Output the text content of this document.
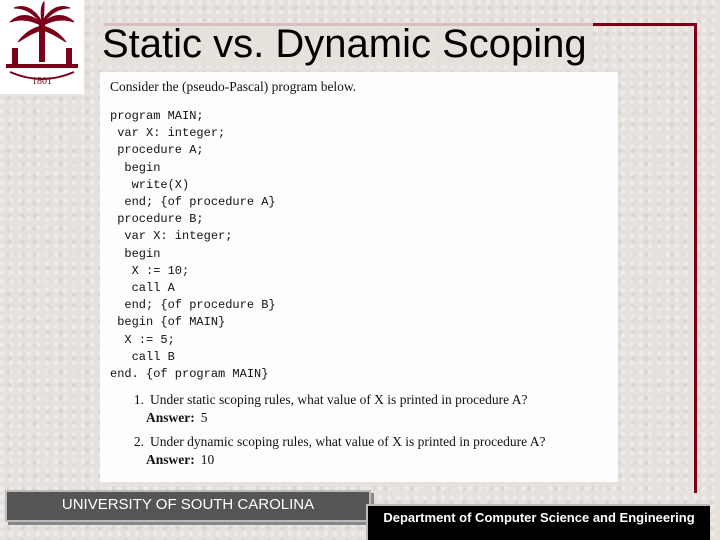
1801
Static vs. Dynamic Scoping

Consider the (pseudo-Pascal) program below.

program MAIN;
var X: integer;
procedure A;
begin
write(X)
end; {of procedure A}
procedure B;
var X: integer;
begin
X := 10;
call A
end; {of procedure B}
begin {of MAIN}
X := 5;
call B
end. {of program MAIN}
1. Under static scoping rules, what value of X is printed in procedure A?
Answer: 5
2. Under dynamic scoping rules, what value of X is printed in procedure A?
Answer: 10
UNIVERSITY OF SOUTH CAROLINA
Department of Computer Science and Engineering
